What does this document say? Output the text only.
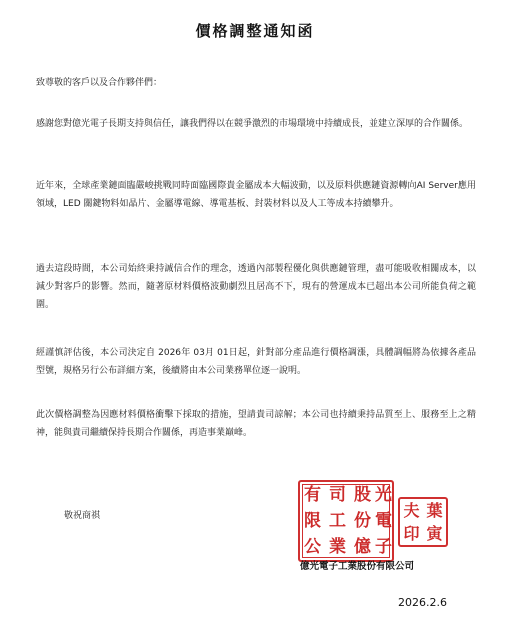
價格調整通知函
致尊敬的客戶以及合作夥伴們：

感謝您對億光電子長期支持與信任，讓我們得以在競爭激烈的市場環境中持續成長，並建立深厚的合作關係。

近年來，全球產業鏈面臨嚴峻挑戰同時面臨國際貴金屬成本大幅波動，以及原料供應鏈資源轉向AI Server應用領域，LED 關鍵物料如晶片、金屬導電線、導電基板、封裝材料以及人工等成本持續攀升。

過去這段時間，本公司始終秉持誠信合作的理念，透過內部製程優化與供應鏈管理，盡可能吸收相關成本，以減少對客戶的影響。然而，隨著原材料價格波動劇烈且居高不下，現有的營運成本已超出本公司所能負荷之範圍。

經謹慎評估後，本公司決定自 2026年 03月 01日起，針對部分產品進行價格調漲，具體調幅將為依據各產品型號，規格另行公布詳細方案，後續將由本公司業務單位逐一說明。

此次價格調整為因應材料價格衝擊下採取的措施，望請貴司諒解；本公司也持續秉持品質至上、服務至上之精神，能與貴司繼續保持長期合作關係，再造事業巔峰。

敬祝商祺
有
限
公
司
工
業
股
份
億
光
電
子
夫
印
葉
寅
億光電子工業股份有限公司
2026.2.6
